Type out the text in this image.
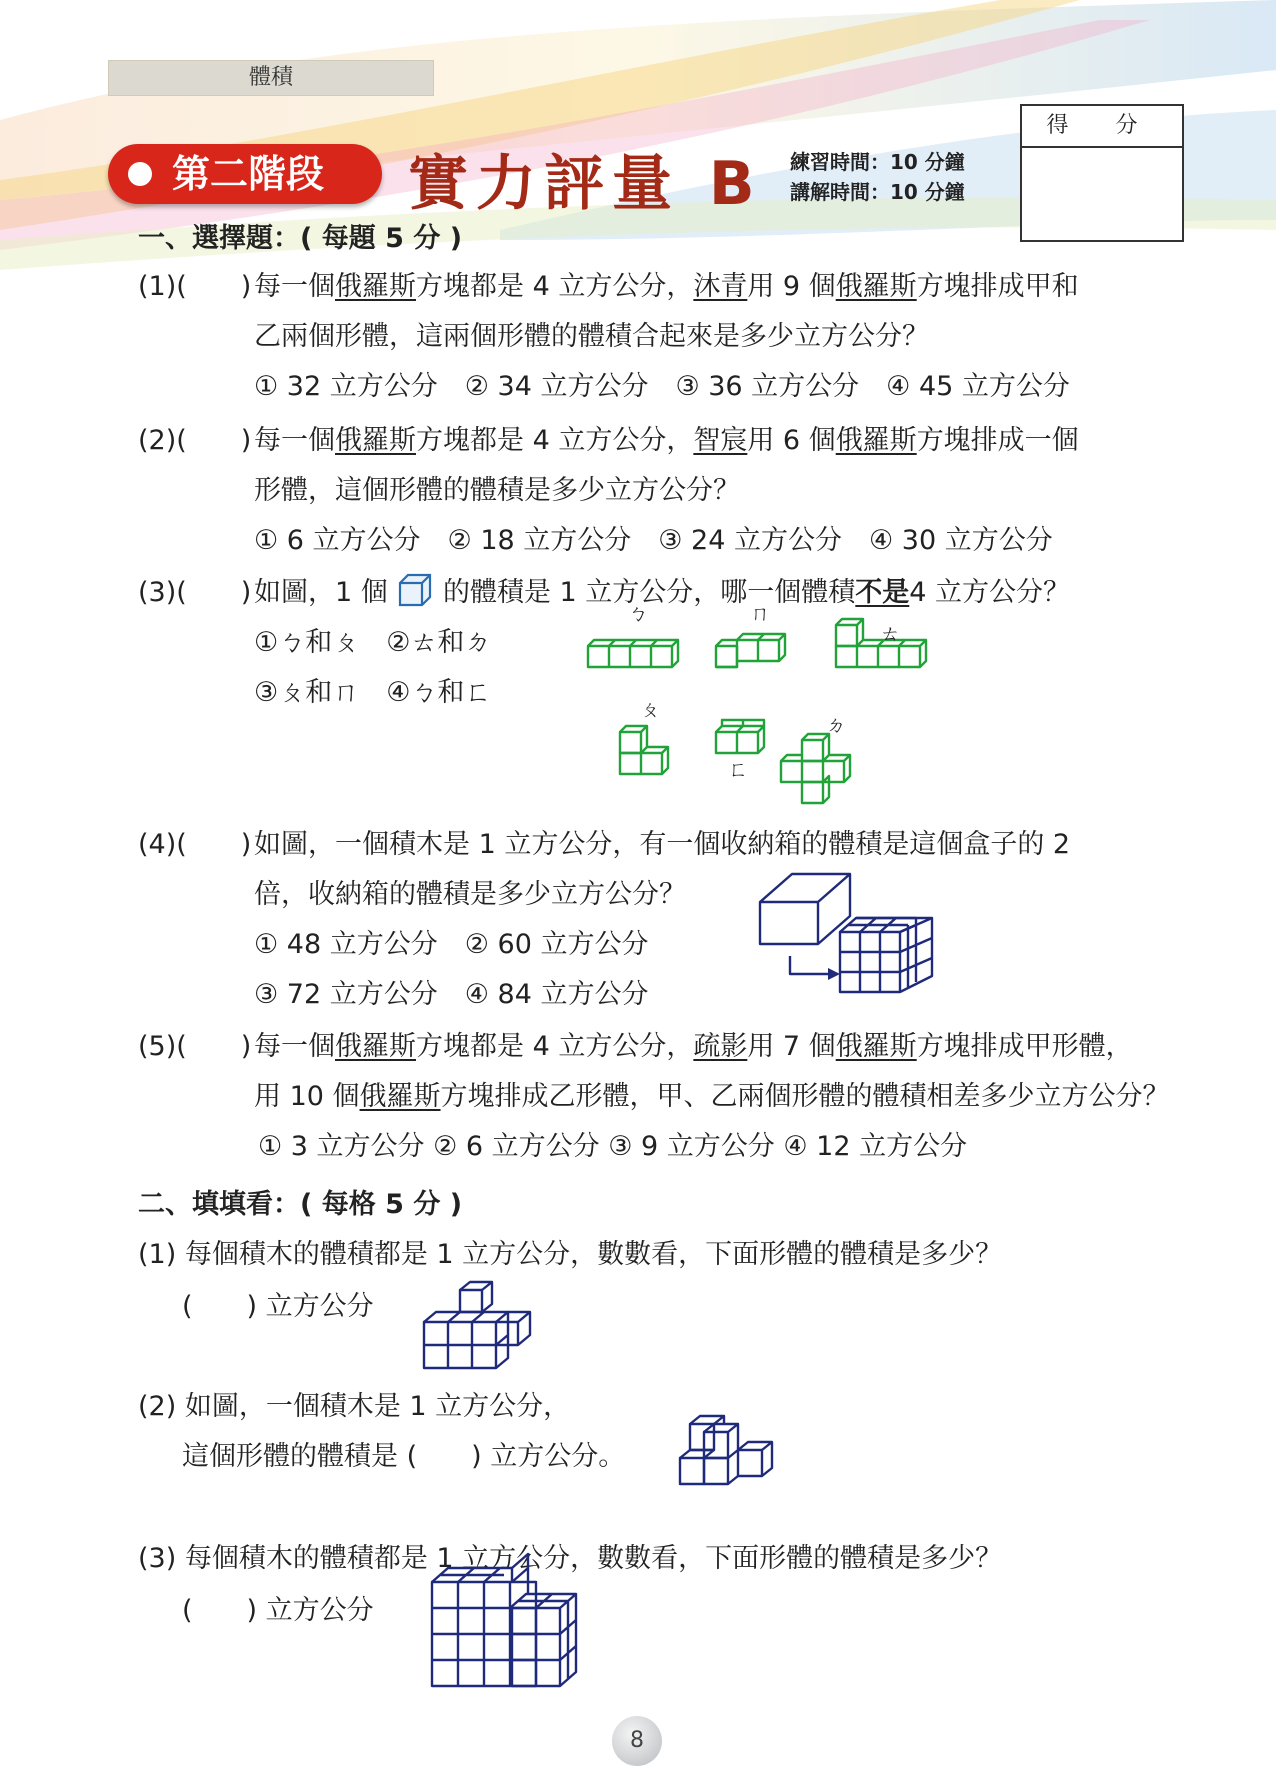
體積
第二階段 實力評量 B 練習時間：10 分鐘
講解時間：10 分鐘
得 分
一、選擇題：( 每題 5 分 )
(1)(　　) 每一個俄羅斯方塊都是 4 立方公分，沐青用 9 個俄羅斯方塊排成甲和
乙兩個形體，這兩個形體的體積合起來是多少立方公分？
① 32 立方公分　② 34 立方公分　③ 36 立方公分　④ 45 立方公分
(2)(　　) 每一個俄羅斯方塊都是 4 立方公分，智宸用 6 個俄羅斯方塊排成一個
形體，這個形體的體積是多少立方公分？
① 6 立方公分　② 18 立方公分　③ 24 立方公分　④ 30 立方公分
(3)(　　) 如圖，1 個 的體積是 1 立方公分，哪一個體積不是4 立方公分？
①ㄅ和ㄆ　②ㄊ和ㄉ
③ㄆ和ㄇ　④ㄅ和ㄈ
ㄅ	ㄇ
ㄊ
ㄆ
ㄈ
ㄉ
(4)(　　) 如圖，一個積木是 1 立方公分，有一個收納箱的體積是這個盒子的 2
倍，收納箱的體積是多少立方公分？
① 48 立方公分　② 60 立方公分
③ 72 立方公分　④ 84 立方公分
(5)(　　) 每一個俄羅斯方塊都是 4 立方公分，疏影用 7 個俄羅斯方塊排成甲形體，
用 10 個俄羅斯方塊排成乙形體，甲、乙兩個形體的體積相差多少立方公分？
① 3 立方公分 ② 6 立方公分 ③ 9 立方公分 ④ 12 立方公分
二、填填看：( 每格 5 分 )
(1) 每個積木的體積都是 1 立方公分，數數看，下面形體的體積是多少？
(　　) 立方公分
(2) 如圖，一個積木是 1 立方公分，
這個形體的體積是 (　　) 立方公分。
(3) 每個積木的體積都是 1 立方公分，數數看，下面形體的體積是多少？
(　　) 立方公分
8
